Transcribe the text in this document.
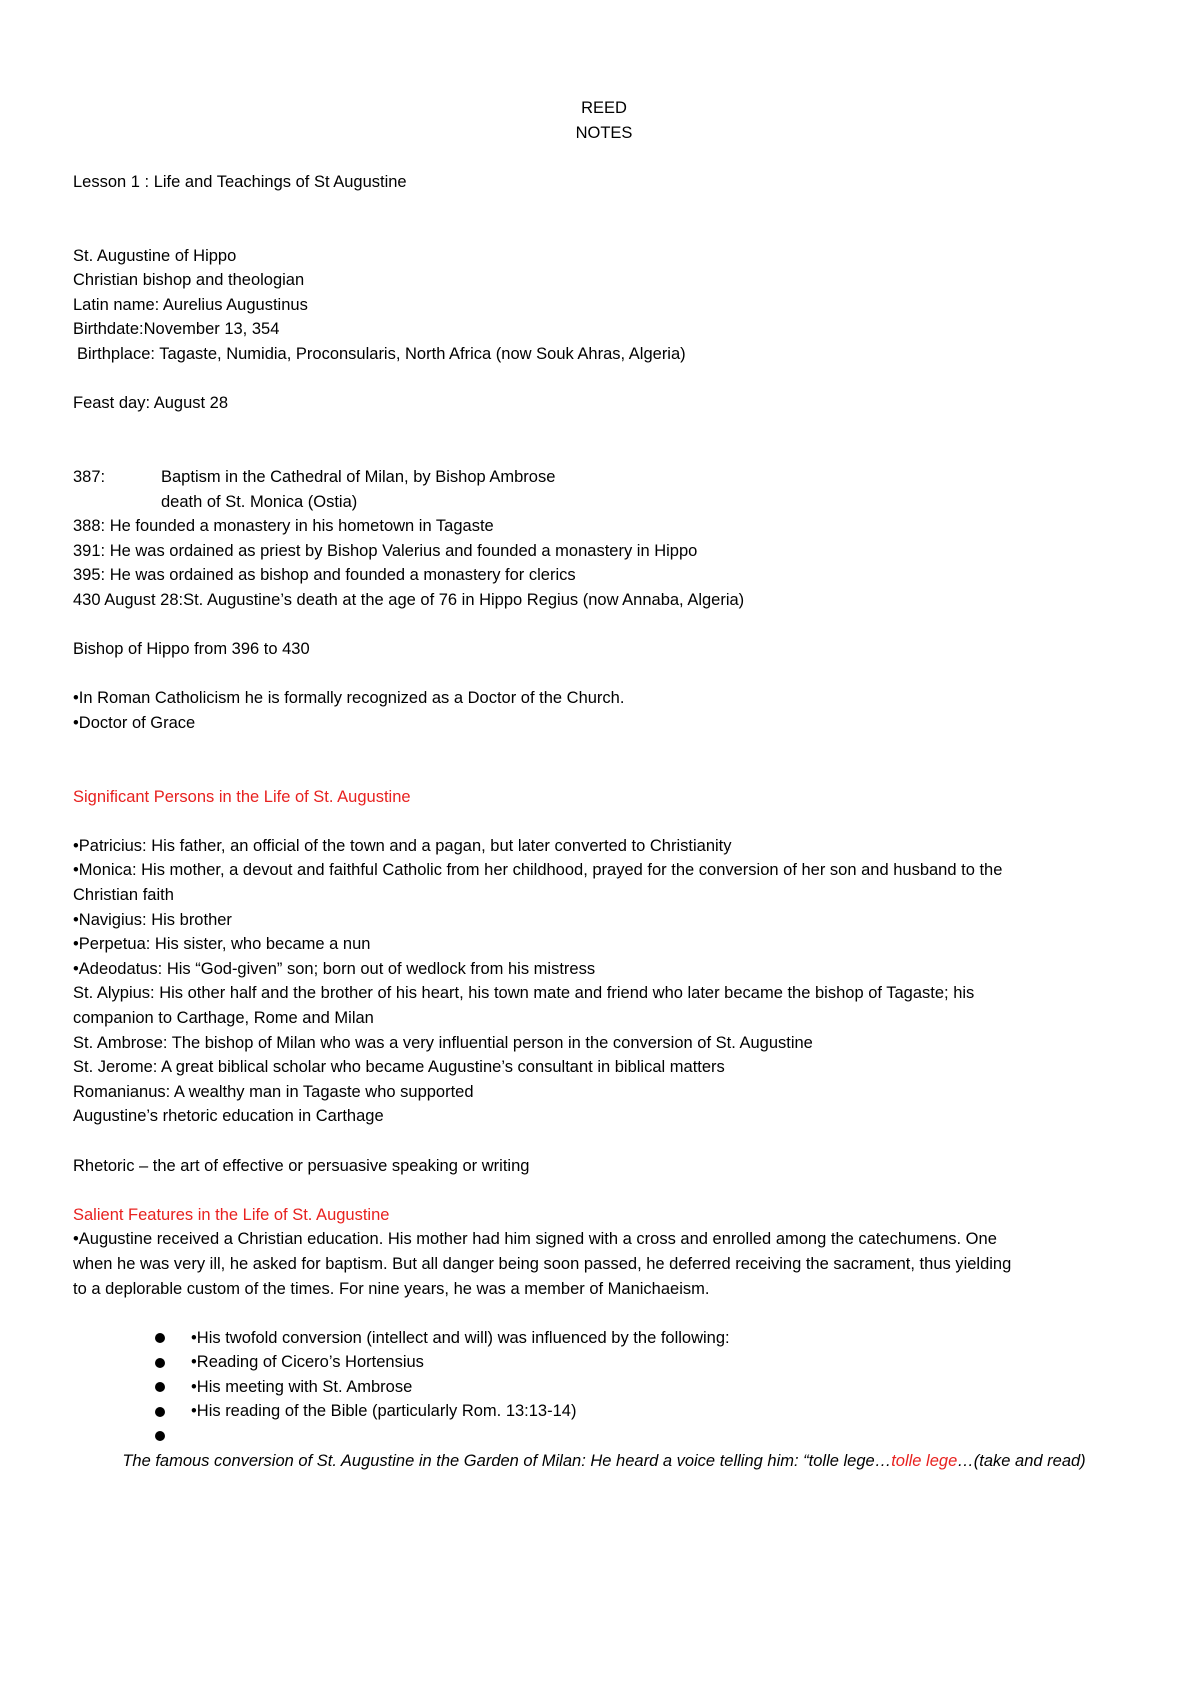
REED
NOTES
Lesson 1 : Life and Teachings of St Augustine
St. Augustine of Hippo
Christian bishop and theologian
Latin name: Aurelius Augustinus
Birthdate:November 13, 354
Birthplace: Tagaste, Numidia, Proconsularis, North Africa (now Souk Ahras, Algeria)
Feast day: August 28
387:	Baptism in the Cathedral of Milan, by Bishop Ambrose
death of St. Monica (Ostia)
388: He founded a monastery in his hometown in Tagaste
391: He was ordained as priest by Bishop Valerius and founded a monastery in Hippo
395: He was ordained as bishop and founded a monastery for clerics
430 August 28:St. Augustine’s death at the age of 76 in Hippo Regius (now Annaba, Algeria)
Bishop of Hippo from 396 to 430
•In Roman Catholicism he is formally recognized as a Doctor of the Church.
•Doctor of Grace
Significant Persons in the Life of St. Augustine
•Patricius: His father, an official of the town and a pagan, but later converted to Christianity
•Monica: His mother, a devout and faithful Catholic from her childhood, prayed for the conversion of her son and husband to the
Christian faith
•Navigius: His brother
•Perpetua: His sister, who became a nun
•Adeodatus: His “God-given” son; born out of wedlock from his mistress
St. Alypius: His other half and the brother of his heart, his town mate and friend who later became the bishop of Tagaste; his
companion to Carthage, Rome and Milan
St. Ambrose: The bishop of Milan who was a very influential person in the conversion of St. Augustine
St. Jerome: A great biblical scholar who became Augustine’s consultant in biblical matters
Romanianus: A wealthy man in Tagaste who supported
Augustine’s rhetoric education in Carthage
Rhetoric – the art of effective or persuasive speaking or writing
Salient Features in the Life of St. Augustine
•Augustine received a Christian education. His mother had him signed with a cross and enrolled among the catechumens. One
when he was very ill, he asked for baptism. But all danger being soon passed, he deferred receiving the sacrament, thus yielding
to a deplorable custom of the times. For nine years, he was a member of Manichaeism.
•His twofold conversion (intellect and will) was influenced by the following:
•Reading of Cicero’s Hortensius
•His meeting with St. Ambrose
•His reading of the Bible (particularly Rom. 13:13-14)
The famous conversion of St. Augustine in the Garden of Milan: He heard a voice telling him: “tolle lege…tolle lege…(take and read)
